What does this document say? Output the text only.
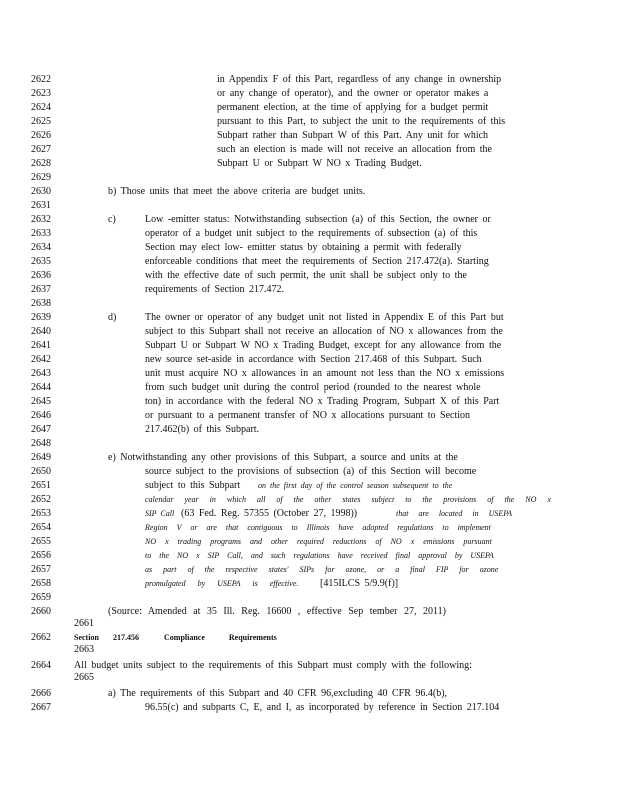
2622
2623
2624
2625
2626
2627
2628
2629
2630
2631
2632
2633
2634
2635
2636
2637
2638
2639
2640
2641
2642
2643
2644
2645
2646
2647
2648
2649
2650
2651
2652
2653
2654
2655
2656
2657
2658
2659
2660
2661
2662
2663
2664
2665
2666
2667
in Appendix F of this Part, regardless of any change in ownership
or any change of operator), and the owner or operator makes a
permanent election, at the time of applying for a budget permit
pursuant to this Part, to subject the unit to the requirements of this
Subpart rather than Subpart W of this Part. Any unit for which
such an election is made will not receive an allocation from the
Subpart U or Subpart W NO x Trading Budget.
b) Those units that meet the above criteria are budget units.
c)	Low -emitter status: Notwithstanding subsection (a) of this Section, the owner or
operator of a budget unit subject to the requirements of subsection (a) of this
Section may elect low- emitter status by obtaining a permit with federally
enforceable conditions that meet the requirements of Section 217.472(a). Starting
with the effective date of such permit, the unit shall be subject only to the
requirements of Section 217.472.
d)	The owner or operator of any budget unit not listed in Appendix E of this Part but
subject to this Subpart shall not receive an allocation of NO x allowances from the
Subpart U or Subpart W NO x Trading Budget, except for any allowance from the
new source set-aside in accordance with Section 217.468 of this Subpart. Such
unit must acquire NO x allowances in an amount not less than the NO x emissions
from such budget unit during the control period (rounded to the nearest whole
ton) in accordance with the federal NO x Trading Program, Subpart X of this Part
or pursuant to a permanent transfer of NO x allocations pursuant to Section
217.462(b) of this Subpart.
e) Notwithstanding any other provisions of this Subpart, a source and units at the
source subject to the provisions of subsection (a) of this Section will become
subject to this Subpart on the first day of the control season subsequent to the
calendar year in which all of the other states subject to the provisions of the NO x
SIP Call (63 Fed. Reg. 57355 (October 27, 1998))	that are located in USEPA
Region V or are that contiguous to Illinois have adopted regulations to implement
NO x trading programs and other required reductions of NO x emissions pursuant
to the NO x SIP Call, and such regulations have received final approval by USEPA
as part of the respective states' SIPs for ozone, or a final FIP for ozone
promulgated by USEPA is effective. [415ILCS 5/9.9(f)]
(Source: Amended at 35 Ill. Reg. 16600 , effective Sep tember 27, 2011)
Section 217.456	Compliance Requirements
All budget units subject to the requirements of this Subpart must comply with the following:
a) The requirements of this Subpart and 40 CFR 96,excluding 40 CFR 96.4(b),
96.55(c) and subparts C, E, and I, as incorporated by reference in Section 217.104
